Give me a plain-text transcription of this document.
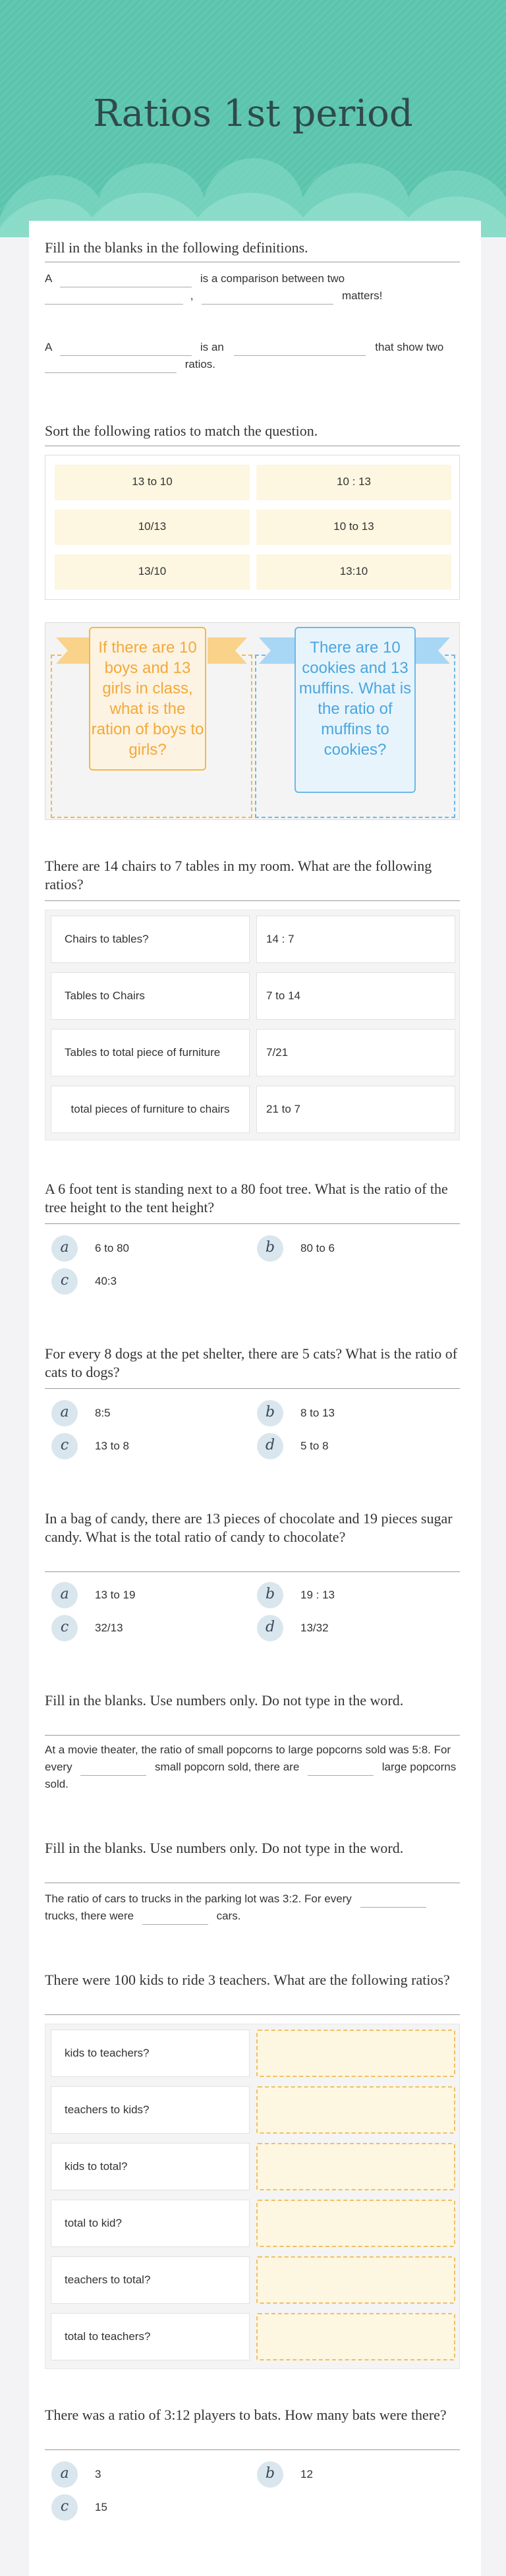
Ratios 1st period
Fill in the blanks in the following definitions.
A	is a comparison between two
,	matters!
A	is an	that show two
ratios.
Sort the following ratios to match the question.
13 to 10	10 : 13
10/13	10 to 13
13/10	13:10
If there are 10 boys and 13 girls in class, what is the ration of boys to girls?
There are 10 cookies and 13 muffins. What is the ratio of muffins to cookies?
There are 14 chairs to 7 tables in my room. What are the following ratios?
Chairs to tables?	14 : 7
Tables to Chairs	7 to 14
Tables to total piece of furniture	7/21
total pieces of furniture to chairs	21 to 7
A 6 foot tent is standing next to a 80 foot tree. What is the ratio of the tree height to the tent height?
a	6 to 80	b	80 to 6
c	40:3
For every 8 dogs at the pet shelter, there are 5 cats? What is the ratio of cats to dogs?
a	8:5	b	8 to 13
c	13 to 8	d	5 to 8
In a bag of candy, there are 13 pieces of chocolate and 19 pieces sugar candy. What is the total ratio of candy to chocolate?
a	13 to 19	b	19 : 13
c	32/13	d	13/32
Fill in the blanks. Use numbers only. Do not type in the word.
At a movie theater, the ratio of small popcorns to large popcorns sold was 5:8. For every	small popcorn sold, there are	large popcorns sold.
Fill in the blanks. Use numbers only. Do not type in the word.
The ratio of cars to trucks in the parking lot was 3:2. For every  trucks, there were	cars.
There were 100 kids to ride 3 teachers. What are the following ratios?
kids to teachers?
teachers to kids?
kids to total?
total to kid?
teachers to total?
total to teachers?
There was a ratio of 3:12 players to bats. How many bats were there?
a	3	b	12
c	15
